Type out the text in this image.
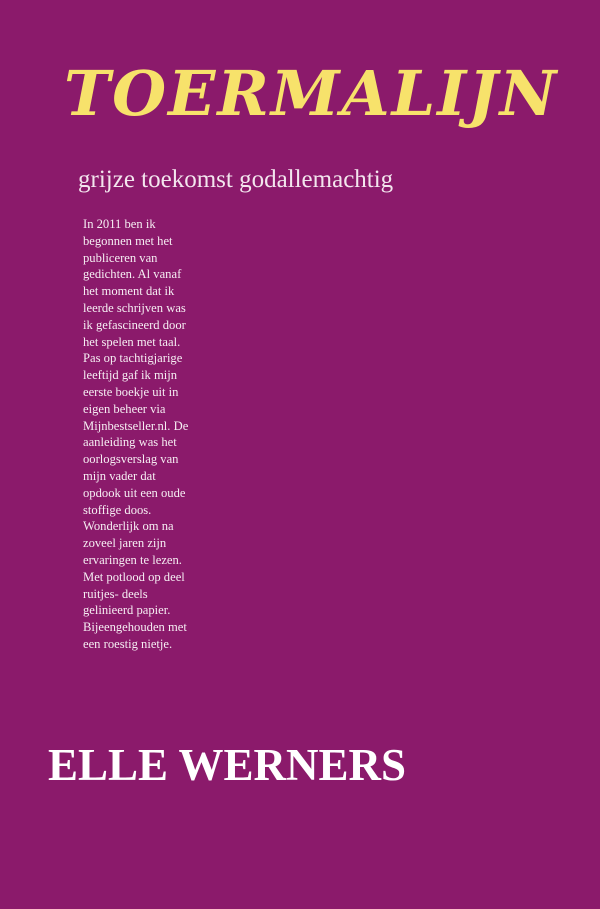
TOERMALIJN

grijze toekomst godallemachtig

In 2011 ben ik
begonnen met het
publiceren van
gedichten. Al vanaf
het moment dat ik
leerde schrijven was
ik gefascineerd door
het spelen met taal.
Pas op tachtigjarige
leeftijd gaf ik mijn
eerste boekje uit in
eigen beheer via
Mijnbestseller.nl. De
aanleiding was het
oorlogsverslag van
mijn vader dat
opdook uit een oude
stoffige doos.
Wonderlijk om na
zoveel jaren zijn
ervaringen te lezen.
Met potlood op deel
ruitjes- deels
gelinieerd papier.
Bijeengehouden met
een roestig nietje.
ELLE WERNERS
